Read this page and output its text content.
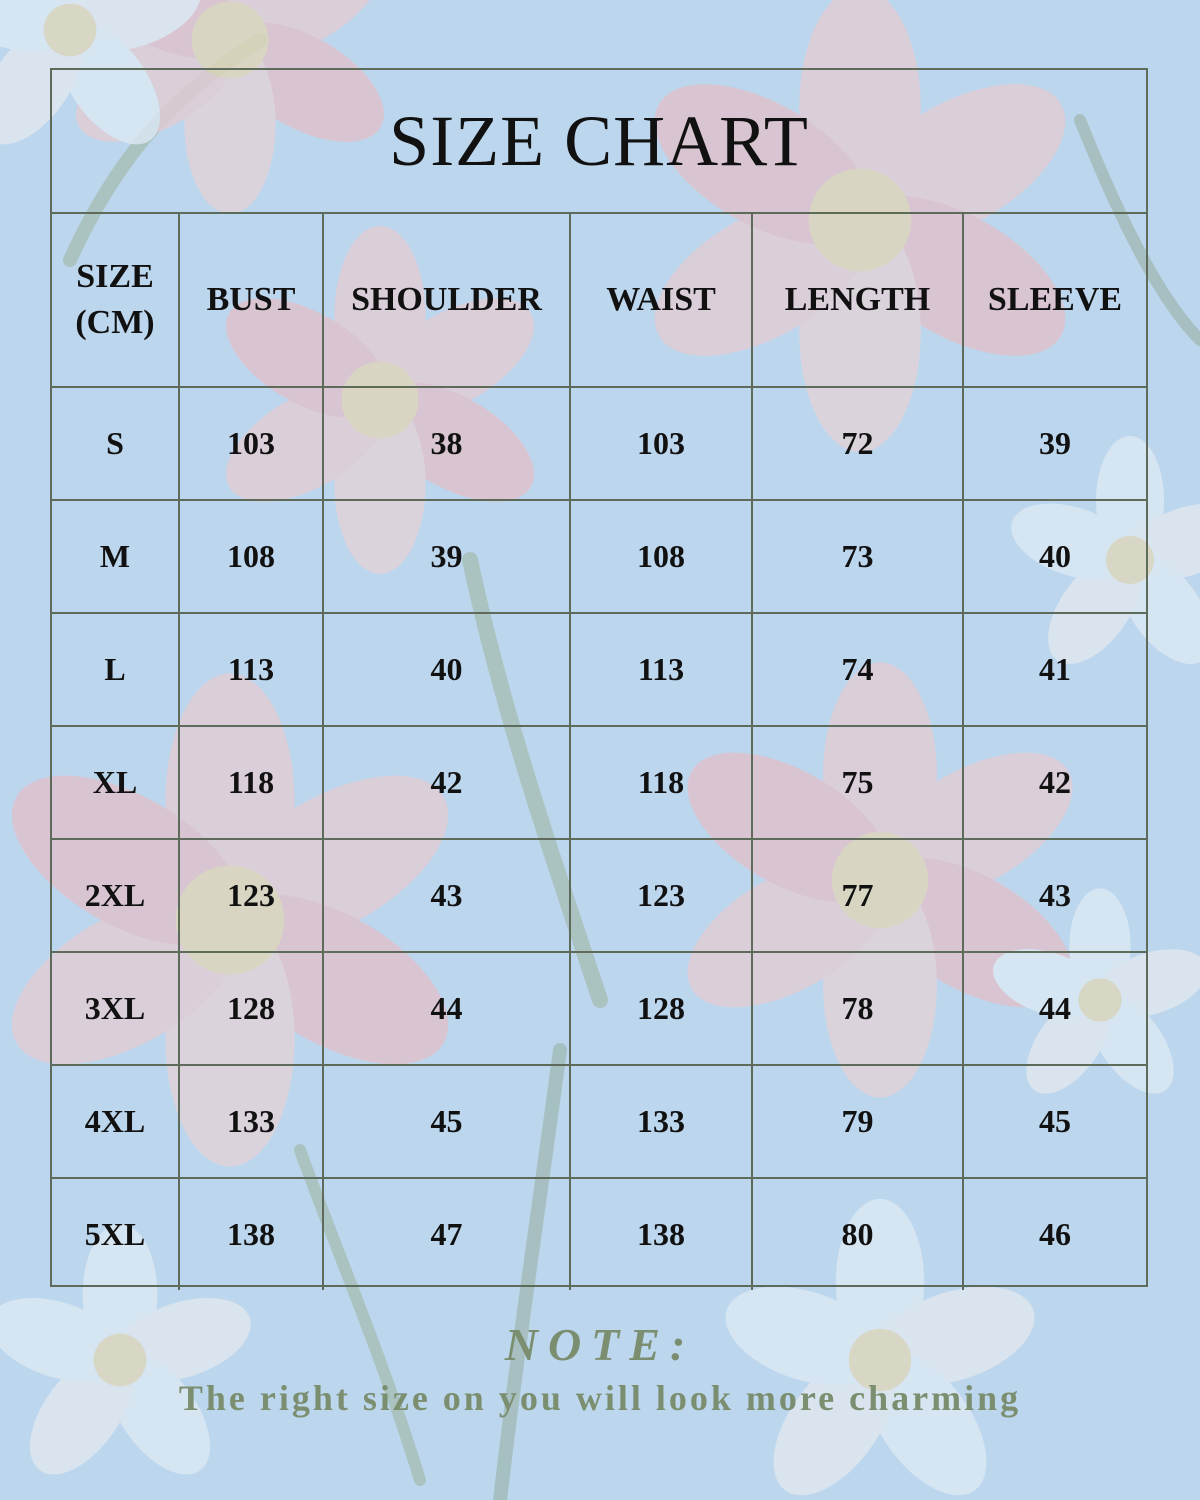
SIZE CHART
SIZE
(CM)	BUST	SHOULDER	WAIST	LENGTH	SLEEVE

S	103	38	103	72	39
M	108	39	108	73	40
L	113	40	113	74	41
XL	118	42	118	75	42
2XL	123	43	123	77	43
3XL	128	44	128	78	44
4XL	133	45	133	79	45
5XL	138	47	138	80	46
NOTE:
The right size on you will look more charming
